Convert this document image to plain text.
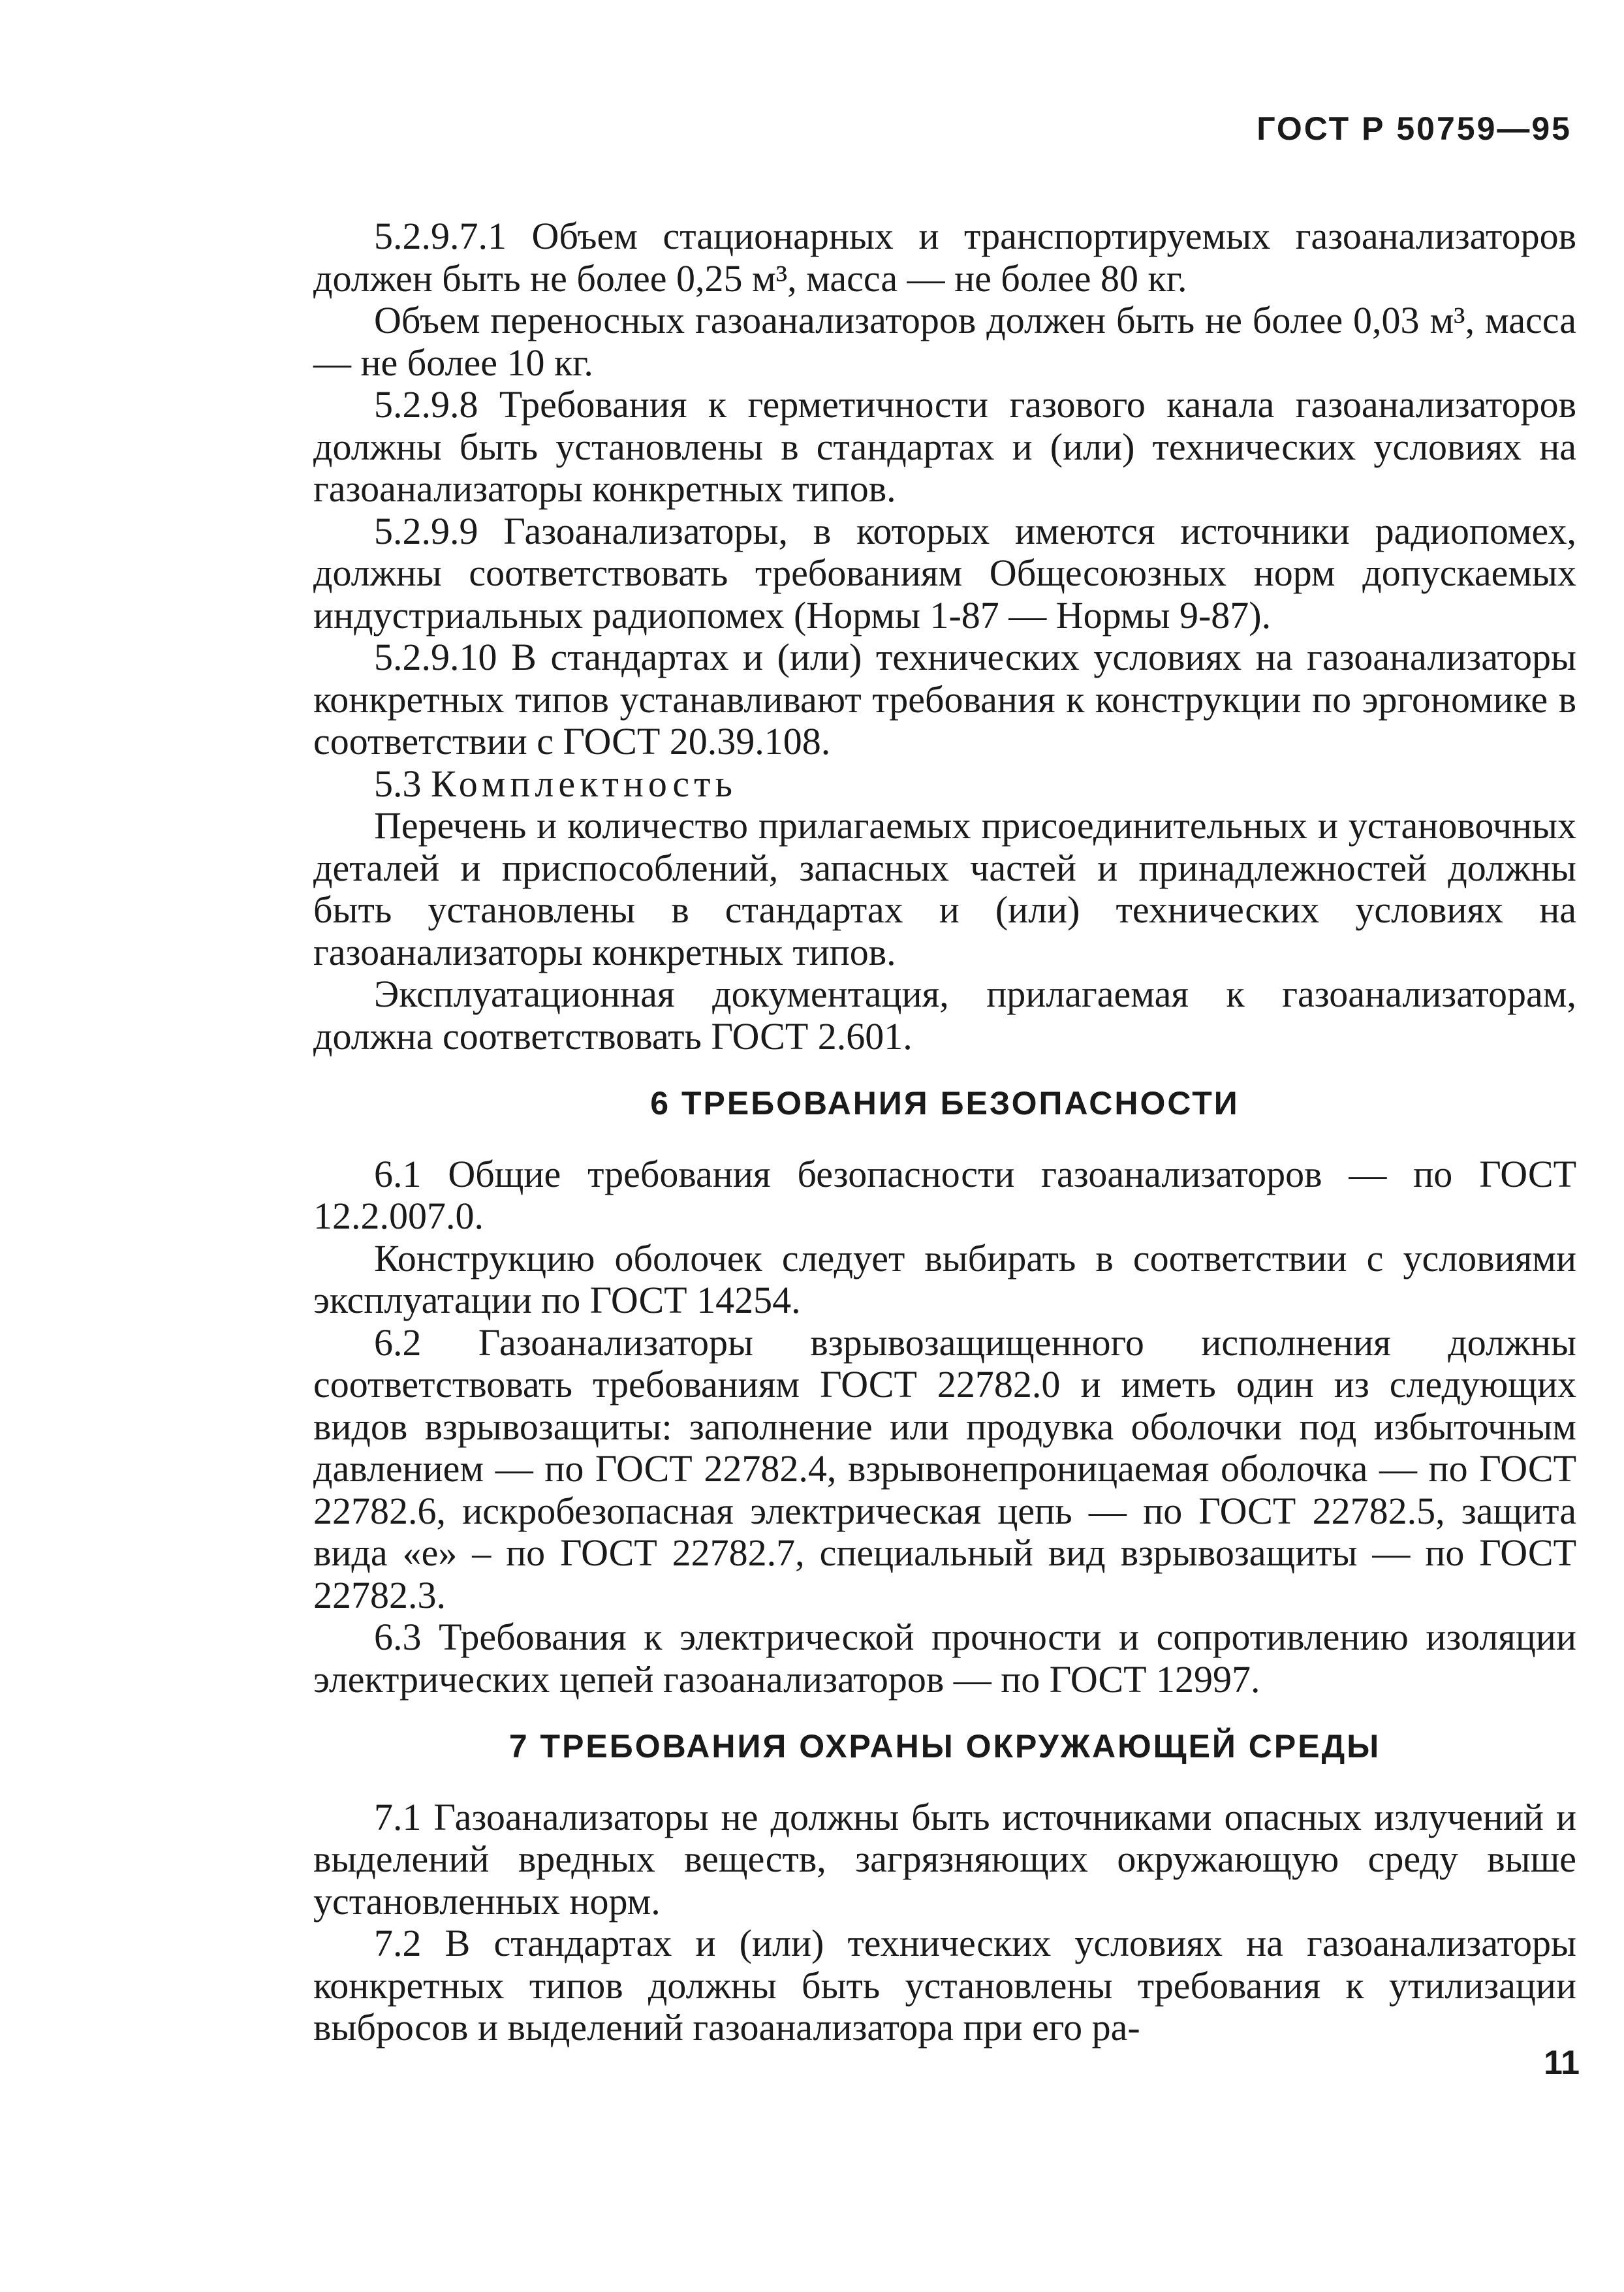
ГОСТ Р 50759—95

5.2.9.7.1 Объем стационарных и транспортируемых газоанализаторов должен быть не более 0,25 м³, масса — не более 80 кг.

Объем переносных газоанализаторов должен быть не более 0,03 м³, масса — не более 10 кг.

5.2.9.8 Требования к герметичности газового канала газоанализаторов должны быть установлены в стандартах и (или) технических условиях на газоанализаторы конкретных типов.

5.2.9.9 Газоанализаторы, в которых имеются источники радиопомех, должны соответствовать требованиям Общесоюзных норм допускаемых индустриальных радиопомех (Нормы 1-87 — Нормы 9-87).

5.2.9.10 В стандартах и (или) технических условиях на газоанализаторы конкретных типов устанавливают требования к конструкции по эргономике в соответствии с ГОСТ 20.39.108.

5.3 Комплектность

Перечень и количество прилагаемых присоединительных и установочных деталей и приспособлений, запасных частей и принадлежностей должны быть установлены в стандартах и (или) технических условиях на газоанализаторы конкретных типов.

Эксплуатационная документация, прилагаемая к газоанализаторам, должна соответствовать ГОСТ 2.601.

6 ТРЕБОВАНИЯ БЕЗОПАСНОСТИ

6.1 Общие требования безопасности газоанализаторов — по ГОСТ 12.2.007.0.

Конструкцию оболочек следует выбирать в соответствии с условиями эксплуатации по ГОСТ 14254.

6.2 Газоанализаторы взрывозащищенного исполнения должны соответствовать требованиям ГОСТ 22782.0 и иметь один из следующих видов взрывозащиты: заполнение или продувка оболочки под избыточным давлением — по ГОСТ 22782.4, взрывонепроницаемая оболочка — по ГОСТ 22782.6, искробезопасная электрическая цепь — по ГОСТ 22782.5, защита вида «е» – по ГОСТ 22782.7, специальный вид взрывозащиты — по ГОСТ 22782.3.

6.3 Требования к электрической прочности и сопротивлению изоляции электрических цепей газоанализаторов — по ГОСТ 12997.

7 ТРЕБОВАНИЯ ОХРАНЫ ОКРУЖАЮЩЕЙ СРЕДЫ

7.1 Газоанализаторы не должны быть источниками опасных излучений и выделений вредных веществ, загрязняющих окружающую среду выше установленных норм.

7.2 В стандартах и (или) технических условиях на газоанализаторы конкретных типов должны быть установлены требования к утилизации выбросов и выделений газоанализатора при его ра-

11
